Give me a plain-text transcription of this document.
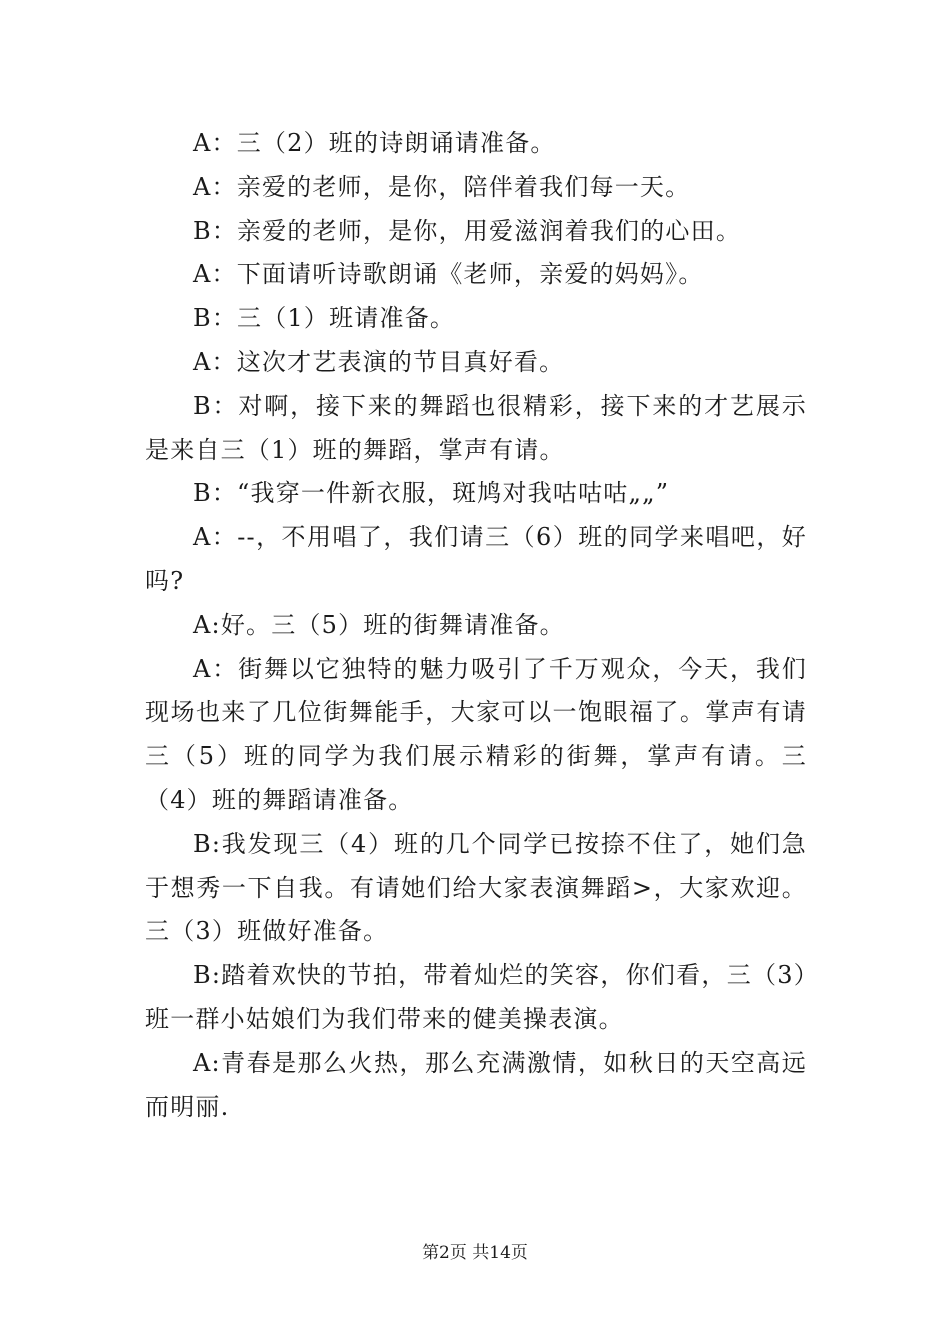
A：三（2）班的诗朗诵请准备。

A：亲爱的老师，是你，陪伴着我们每一天。

B：亲爱的老师，是你，用爱滋润着我们的心田。

A：下面请听诗歌朗诵《老师，亲爱的妈妈》。

B：三（1）班请准备。

A：这次才艺表演的节目真好看。

B：对啊，接下来的舞蹈也很精彩，接下来的才艺展示是来自三（1）班的舞蹈，掌声有请。

B：“我穿一件新衣服，斑鸠对我咕咕咕„„”

A：--，不用唱了，我们请三（6）班的同学来唱吧，好吗?

A:好。三（5）班的街舞请准备。

A：街舞以它独特的魅力吸引了千万观众，今天，我们现场也来了几位街舞能手，大家可以一饱眼福了。掌声有请三（5）班的同学为我们展示精彩的街舞，掌声有请。三（4）班的舞蹈请准备。

B:我发现三（4）班的几个同学已按捺不住了，她们急于想秀一下自我。有请她们给大家表演舞蹈>，大家欢迎。三（3）班做好准备。

B:踏着欢快的节拍，带着灿烂的笑容，你们看，三（3）班一群小姑娘们为我们带来的健美操表演。

A:青春是那么火热，那么充满激情，如秋日的天空高远而明丽.

第2页 共14页
